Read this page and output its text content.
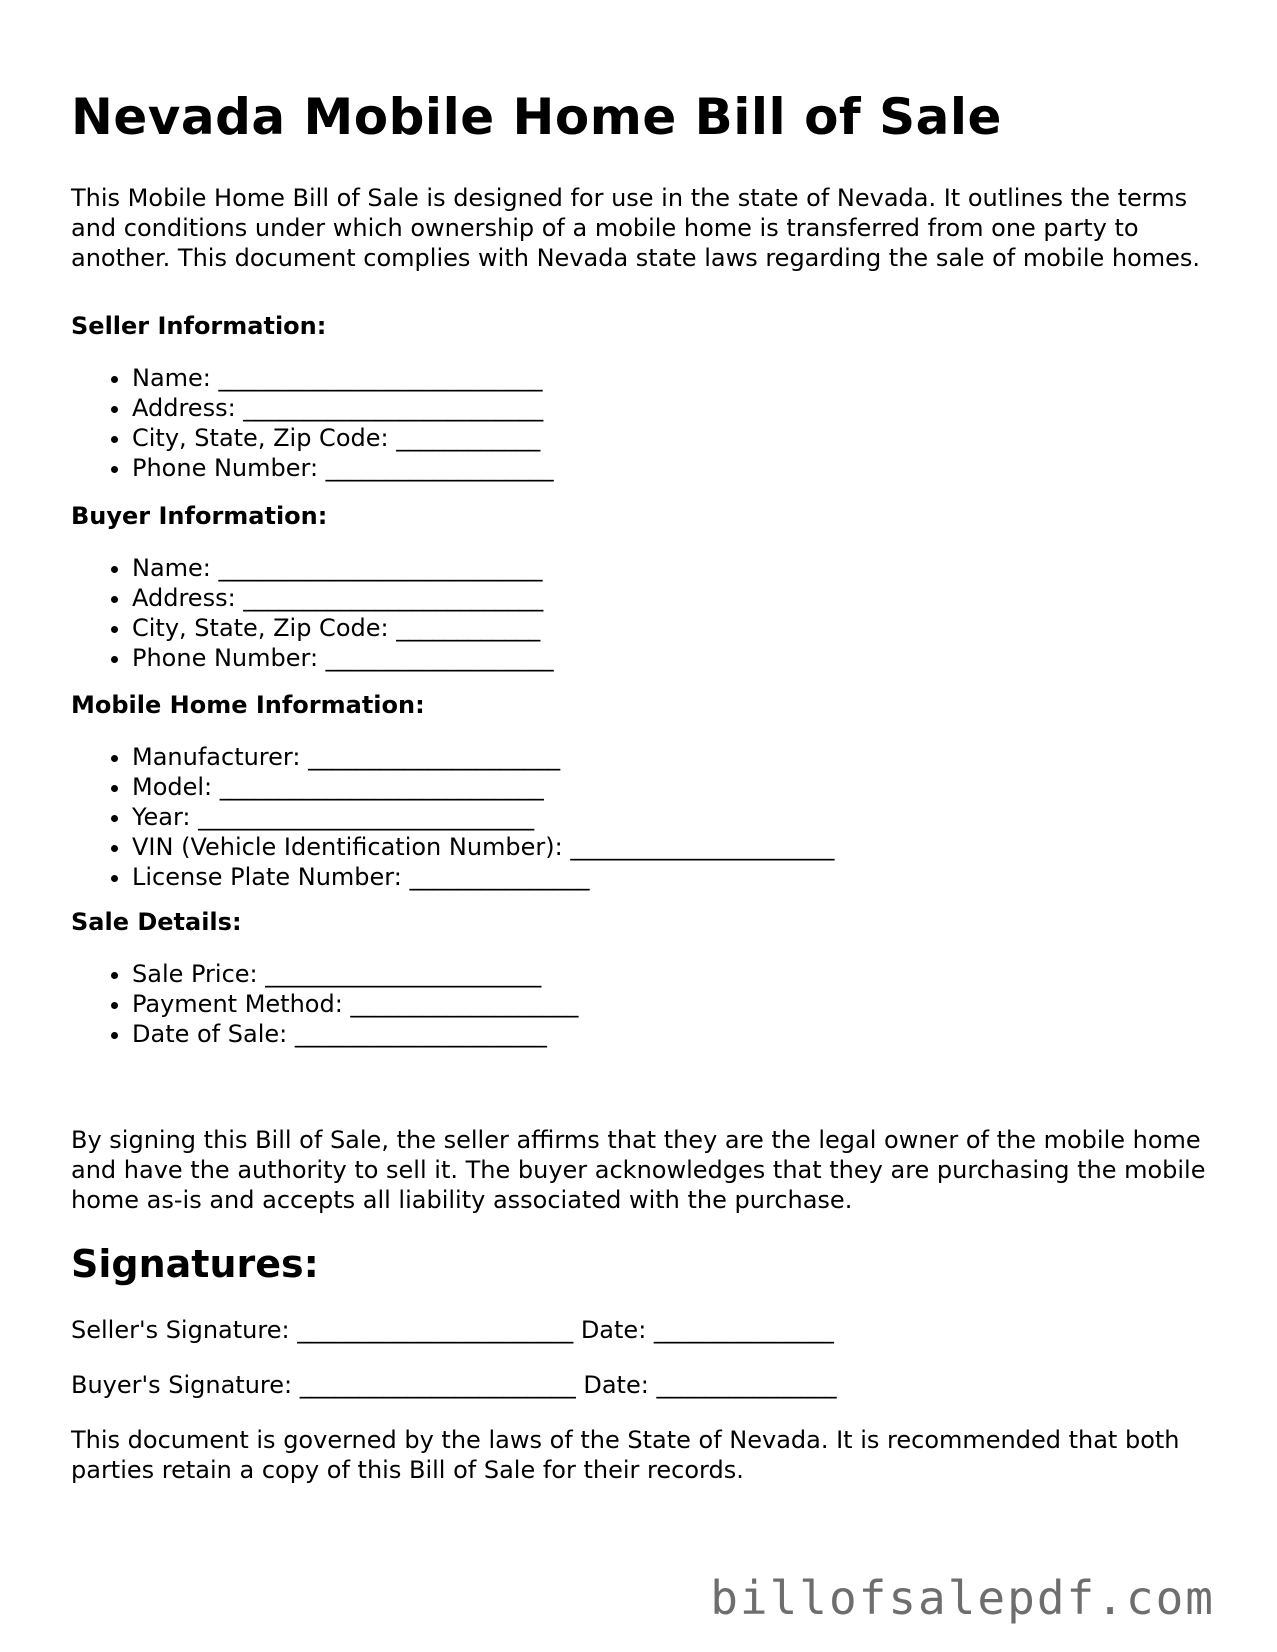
Nevada Mobile Home Bill of Sale

This Mobile Home Bill of Sale is designed for use in the state of Nevada. It outlines the terms and conditions under which ownership of a mobile home is transferred from one party to another. This document complies with Nevada state laws regarding the sale of mobile homes.

Seller Information:
• Name: ___________________________
• Address: _________________________
• City, State, Zip Code: ____________
• Phone Number: ___________________
Buyer Information:
• Name: ___________________________
• Address: _________________________
• City, State, Zip Code: ____________
• Phone Number: ___________________
Mobile Home Information:
• Manufacturer: _____________________
• Model: ___________________________
• Year: ____________________________
• VIN (Vehicle Identification Number): ______________________
• License Plate Number: _______________
Sale Details:
• Sale Price: _______________________
• Payment Method: ___________________
• Date of Sale: _____________________

By signing this Bill of Sale, the seller affirms that they are the legal owner of the mobile home and have the authority to sell it. The buyer acknowledges that they are purchasing the mobile home as-is and accepts all liability associated with the purchase.

Signatures:

Seller's Signature: _______________________ Date: _______________

Buyer's Signature: _______________________ Date: _______________

This document is governed by the laws of the State of Nevada. It is recommended that both parties retain a copy of this Bill of Sale for their records.

billofsalepdf.com
